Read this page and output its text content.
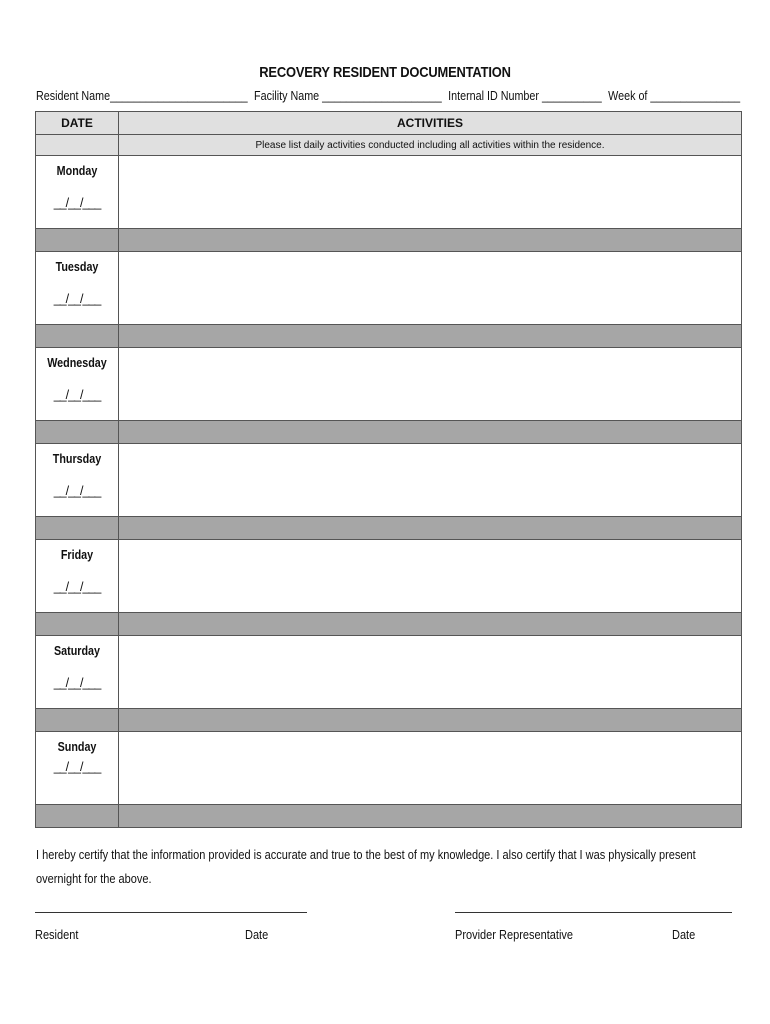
RECOVERY RESIDENT DOCUMENTATION
Resident Name_______________________ Facility Name ____________________ Internal ID Number __________ Week of _______________
DATE	ACTIVITIES
	Please list daily activities conducted including all activities within the residence.

Monday
__/__/___	

Tuesday
__/__/___	

Wednesday
__/__/___	

Thursday
__/__/___	

Friday
__/__/___	

Saturday
__/__/___	

Sunday
__/__/___	

I hereby certify that the information provided is accurate and true to the best of my knowledge. I also certify that I was physically present overnight for the above.
Resident	Date	Provider Representative	Date
